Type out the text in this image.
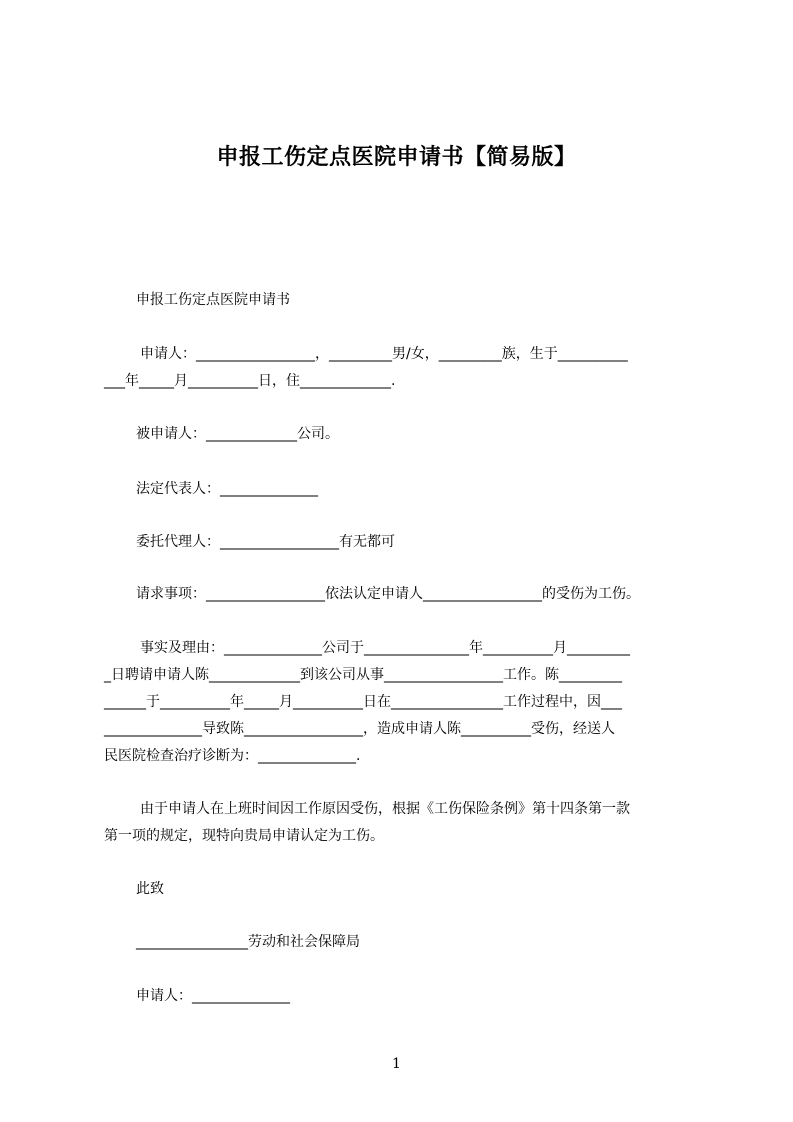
申报工伤定点医院申请书【简易版】
申报工伤定点医院申请书
申请人：_________________，_________男/女，_________族，生于__________
___年_____月__________日，住_____________.
被申请人：_____________公司。
法定代表人：______________
委托代理人：_________________有无都可
请求事项：_________________依法认定申请人_________________的受伤为工伤。
事实及理由：______________公司于_______________年__________月_________
_日聘请申请人陈_____________到该公司从事_________________工作。陈_________
______于__________年_____月__________日在________________工作过程中，因___
______________导致陈_________________，造成申请人陈__________受伤，经送人
民医院检查治疗诊断为：______________.
由于申请人在上班时间因工作原因受伤，根据《工伤保险条例》第十四条第一款
第一项的规定，现特向贵局申请认定为工伤。
此致
________________劳动和社会保障局
申请人：______________
1
